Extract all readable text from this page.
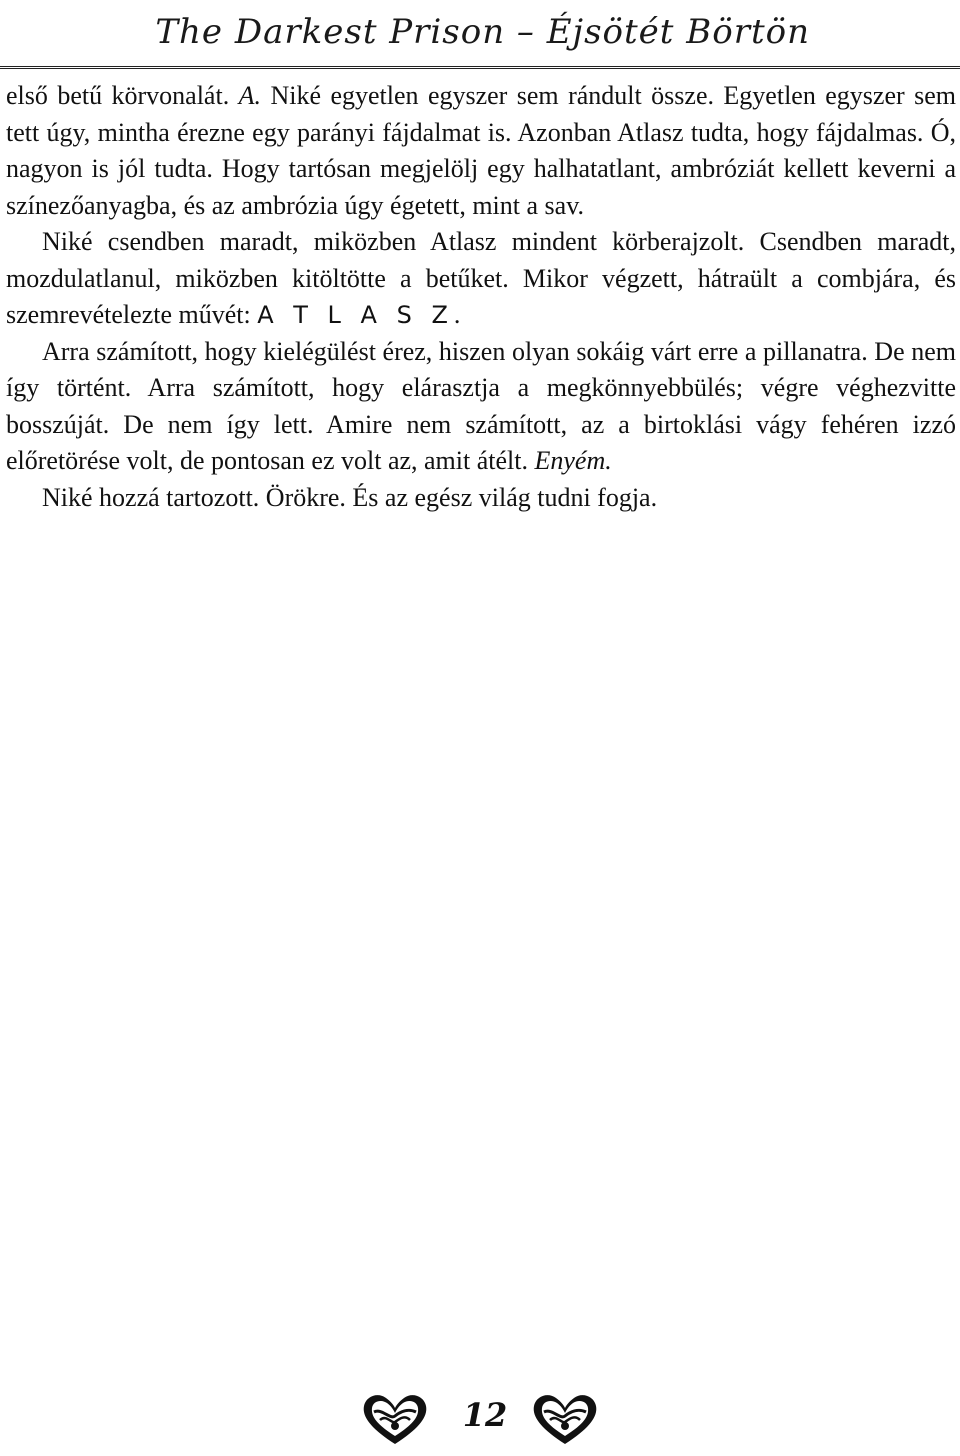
The Darkest Prison – Éjsötét Börtön

első betű körvonalát. A. Niké egyetlen egyszer sem rándult össze. Egyetlen egyszer sem tett úgy, mintha érezne egy parányi fájdalmat is. Azonban Atlasz tudta, hogy fájdalmas. Ó, nagyon is jól tudta. Hogy tartósan megjelölj egy halhatatlant, ambróziát kellett keverni a színezőanyagba, és az ambrózia úgy égetett, mint a sav.

Niké csendben maradt, miközben Atlasz mindent körberajzolt. Csendben maradt, mozdulatlanul, miközben kitöltötte a betűket. Mikor végzett, hátraült a combjára, és szemrevételezte művét: A T L A S Z.

Arra számított, hogy kielégülést érez, hiszen olyan sokáig várt erre a pillanatra. De nem így történt. Arra számított, hogy elárasztja a megkönnyebbülés; végre véghezvitte bosszúját. De nem így lett. Amire nem számított, az a birtoklási vágy fehéren izzó előretörése volt, de pontosan ez volt az, amit átélt. Enyém.

Niké hozzá tartozott. Örökre. És az egész világ tudni fogja.

12
